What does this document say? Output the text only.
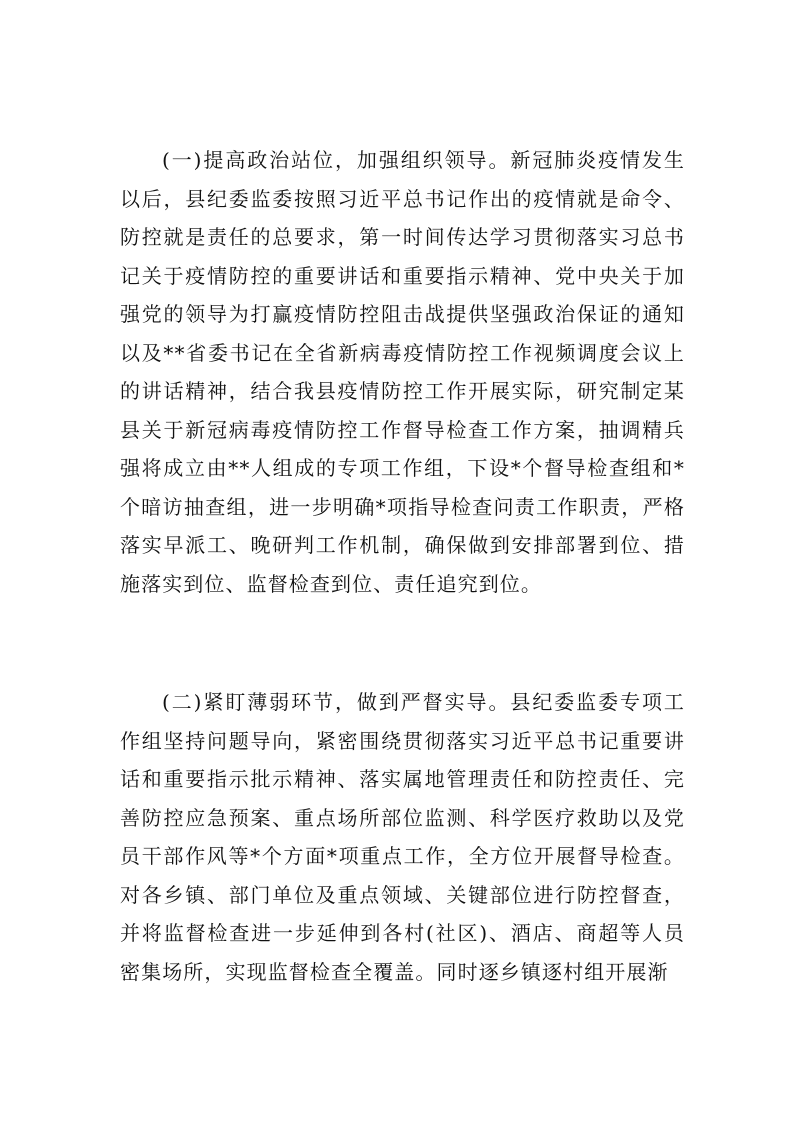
(一)提高政治站位，加强组织领导。新冠肺炎疫情发生以后，县纪委监委按照习近平总书记作出的疫情就是命令、防控就是责任的总要求，第一时间传达学习贯彻落实习总书记关于疫情防控的重要讲话和重要指示精神、党中央关于加强党的领导为打赢疫情防控阻击战提供坚强政治保证的通知以及**省委书记在全省新病毒疫情防控工作视频调度会议上的讲话精神，结合我县疫情防控工作开展实际，研究制定某县关于新冠病毒疫情防控工作督导检查工作方案，抽调精兵强将成立由**人组成的专项工作组，下设*个督导检查组和*个暗访抽查组，进一步明确*项指导检查问责工作职责，严格落实早派工、晚研判工作机制，确保做到安排部署到位、措施落实到位、监督检查到位、责任追究到位。

(二)紧盯薄弱环节，做到严督实导。县纪委监委专项工作组坚持问题导向，紧密围绕贯彻落实习近平总书记重要讲话和重要指示批示精神、落实属地管理责任和防控责任、完善防控应急预案、重点场所部位监测、科学医疗救助以及党员干部作风等*个方面*项重点工作，全方位开展督导检查。对各乡镇、部门单位及重点领域、关键部位进行防控督查，并将监督检查进一步延伸到各村(社区)、酒店、商超等人员密集场所，实现监督检查全覆盖。同时逐乡镇逐村组开展渐
